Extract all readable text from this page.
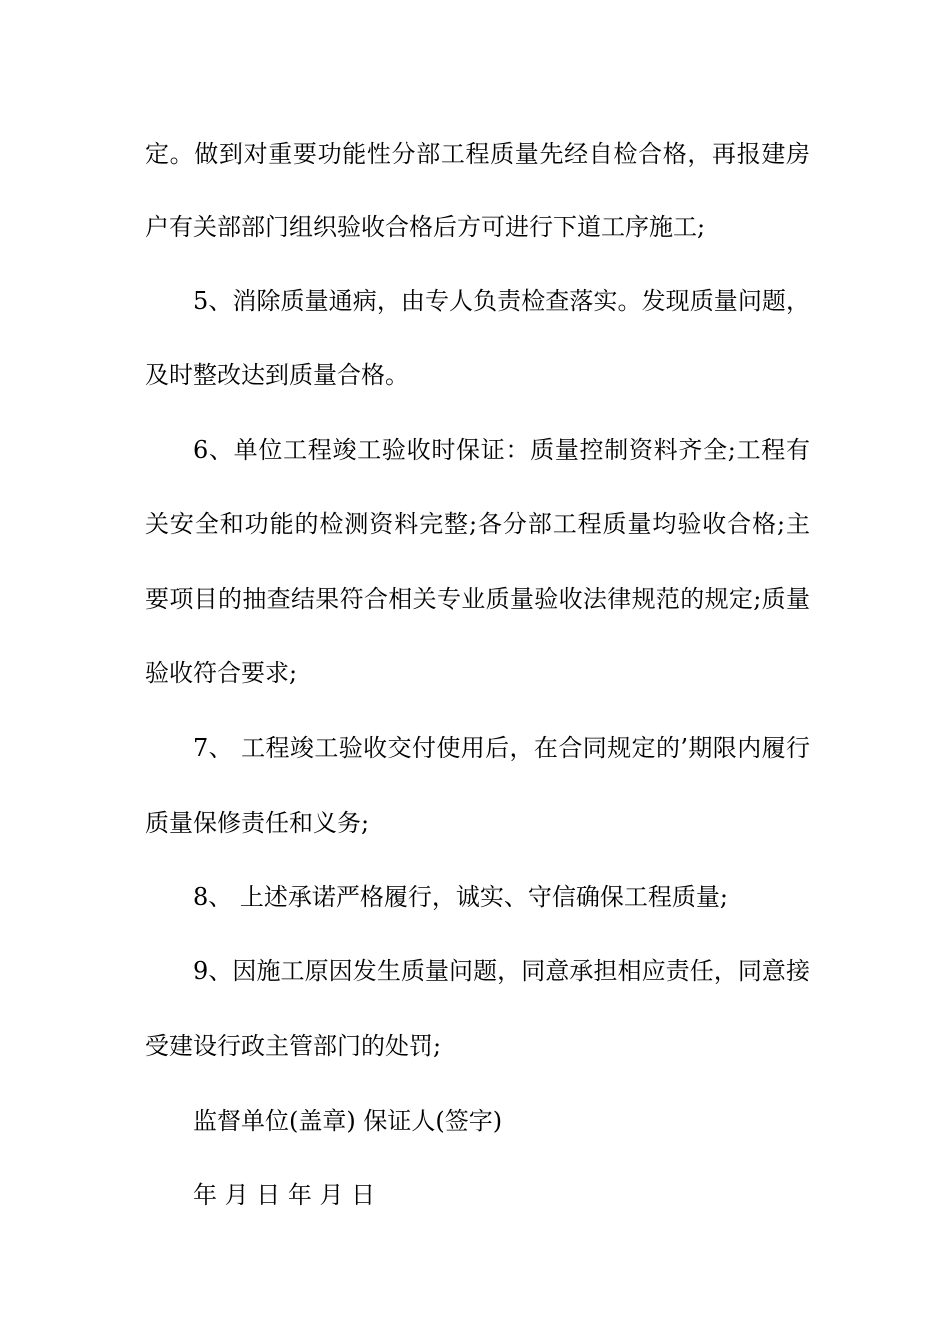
定。做到对重要功能性分部工程质量先经自检合格，再报建房
户有关部部门组织验收合格后方可进行下道工序施工;
5、消除质量通病，由专人负责检查落实。发现质量问题，
及时整改达到质量合格。
6、单位工程竣工验收时保证：质量控制资料齐全;工程有
关安全和功能的检测资料完整;各分部工程质量均验收合格;主
要项目的抽查结果符合相关专业质量验收法律规范的规定;质量
验收符合要求;
7、 工程竣工验收交付使用后，在合同规定的’期限内履行
质量保修责任和义务;
8、 上述承诺严格履行，诚实、守信确保工程质量;
9、因施工原因发生质量问题，同意承担相应责任，同意接
受建设行政主管部门的处罚;
监督单位(盖章) 保证人(签字)
年 月 日 年 月 日
